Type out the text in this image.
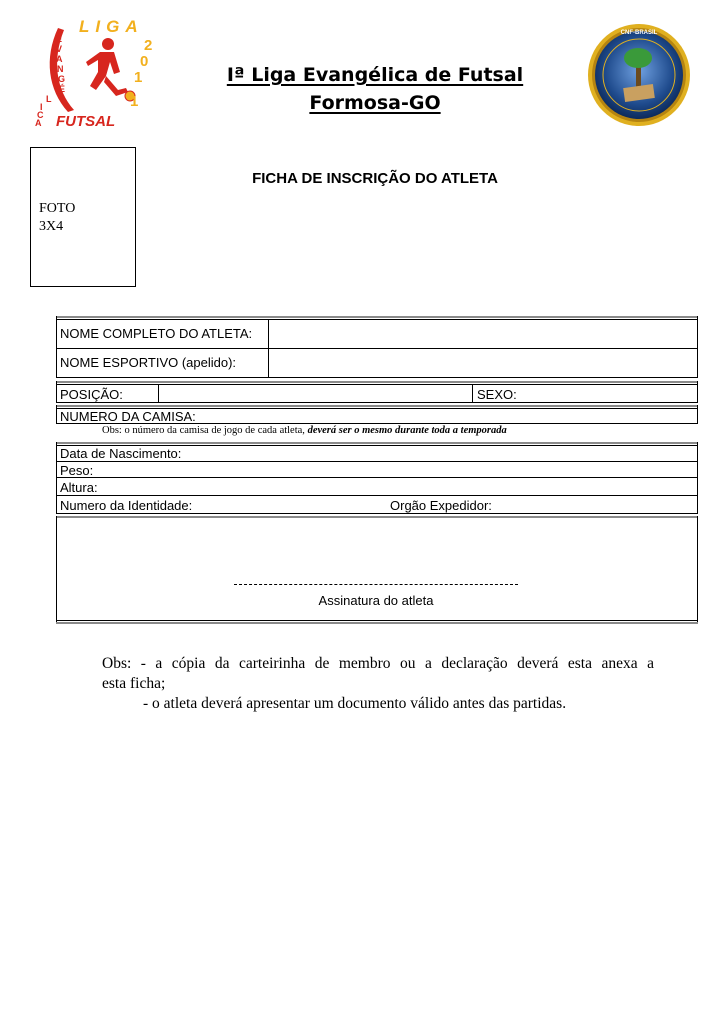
LIGA
E
V
A
N
G
É
L
I
C
A
2
0
1
1
FUTSAL
CNF-BRASIL
Iª Liga Evangélica de Futsal
Formosa-GO
FOTO
3X4
FICHA DE INSCRIÇÃO DO ATLETA
NOME COMPLETO DO ATLETA:
NOME ESPORTIVO (apelido):
POSIÇÃO:	SEXO:
NUMERO DA CAMISA:
Data de Nascimento:
Peso:
Altura:
Numero da Identidade:	Orgão Expedidor:
Obs: o número da camisa de jogo de cada atleta, deverá ser o mesmo durante toda a temporada
Assinatura do atleta
Obs: - a cópia da carteirinha de membro ou a declaração deverá esta anexa a
esta ficha;
- o atleta deverá apresentar um documento válido antes das partidas.
